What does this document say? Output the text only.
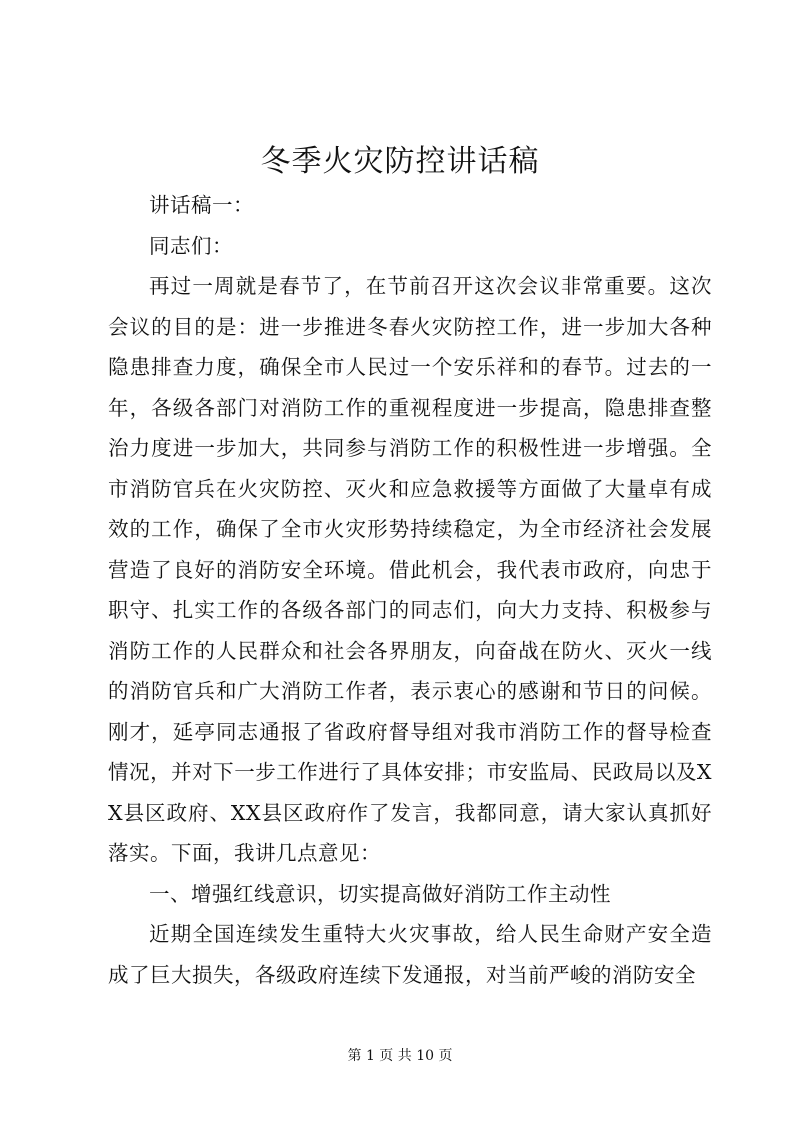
冬季火灾防控讲话稿

讲话稿一：

同志们：

再过一周就是春节了，在节前召开这次会议非常重要。这次会议的目的是：进一步推进冬春火灾防控工作，进一步加大各种隐患排查力度，确保全市人民过一个安乐祥和的春节。过去的一年，各级各部门对消防工作的重视程度进一步提高，隐患排查整治力度进一步加大，共同参与消防工作的积极性进一步增强。全市消防官兵在火灾防控、灭火和应急救援等方面做了大量卓有成效的工作，确保了全市火灾形势持续稳定，为全市经济社会发展营造了良好的消防安全环境。借此机会，我代表市政府，向忠于职守、扎实工作的各级各部门的同志们，向大力支持、积极参与消防工作的人民群众和社会各界朋友，向奋战在防火、灭火一线的消防官兵和广大消防工作者，表示衷心的感谢和节日的问候。刚才，延亭同志通报了省政府督导组对我市消防工作的督导检查情况，并对下一步工作进行了具体安排；市安监局、民政局以及XX县区政府、XX县区政府作了发言，我都同意，请大家认真抓好落实。下面，我讲几点意见：

一、增强红线意识，切实提高做好消防工作主动性

近期全国连续发生重特大火灾事故，给人民生命财产安全造成了巨大损失，各级政府连续下发通报，对当前严峻的消防安全

第 1 页 共 10 页
